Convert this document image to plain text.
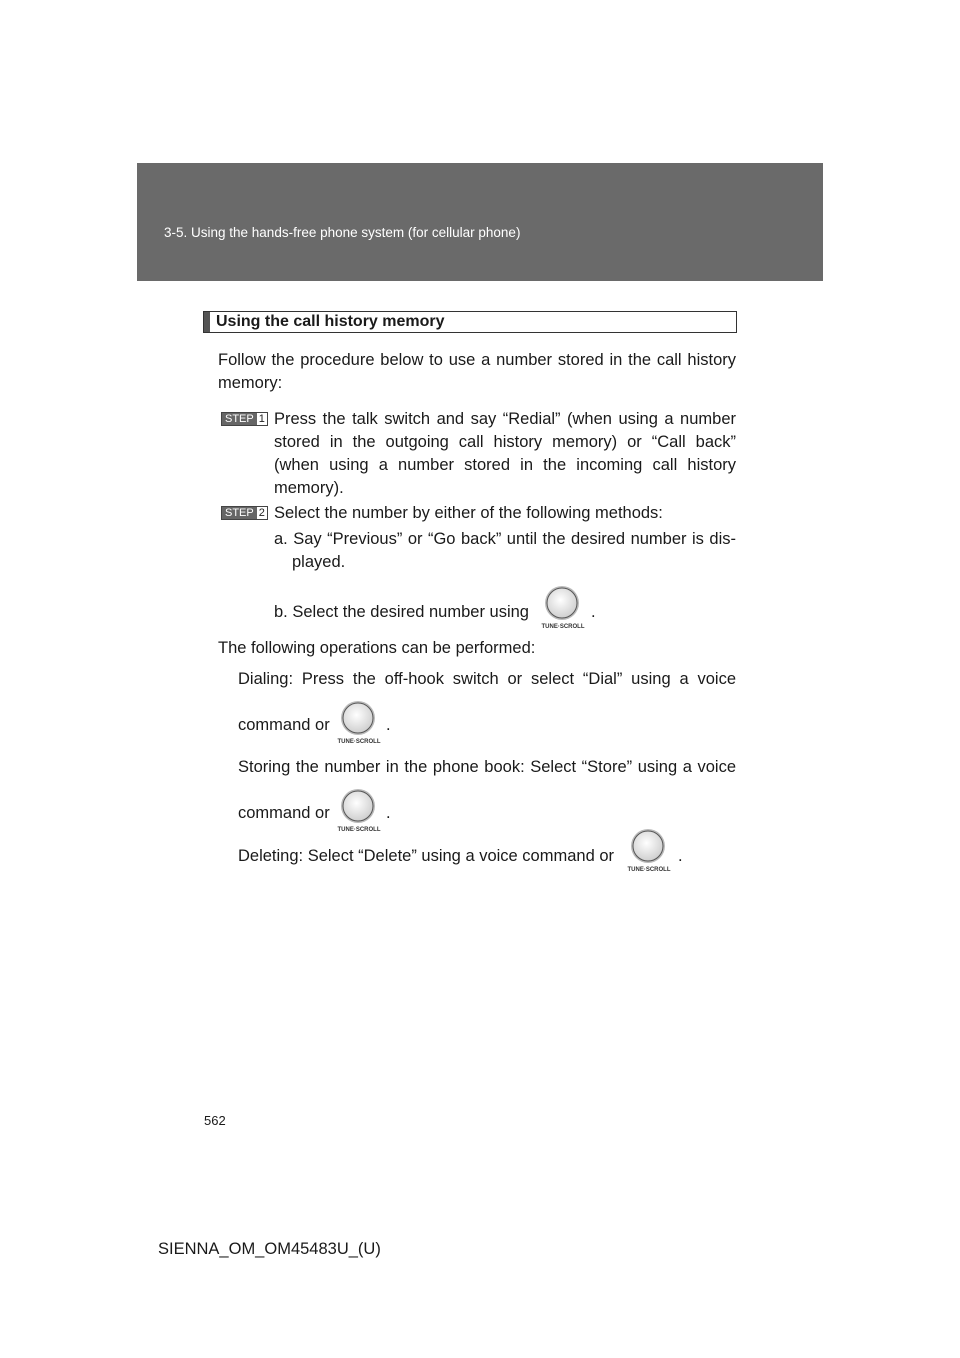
3-5. Using the hands-free phone system (for cellular phone)
Using the call history memory
Follow the procedure below to use a number stored in the call history
memory:
STEP 1 Press the talk switch and say “Redial” (when using a number
stored in the outgoing call history memory) or “Call back”
(when using a number stored in the incoming call history
memory).
STEP 2 Select the number by either of the following methods:
a. Say “Previous” or “Go back” until the desired number is dis-
played.
b. Select the desired number using
TUNE·SCROLL
.
The following operations can be performed:
Dialing: Press the off-hook switch or select “Dial” using a voice
command or
TUNE·SCROLL
.
Storing the number in the phone book: Select “Store” using a voice
command or
TUNE·SCROLL
.
Deleting: Select “Delete” using a voice command or
TUNE·SCROLL
.
562
SIENNA_OM_OM45483U_(U)
